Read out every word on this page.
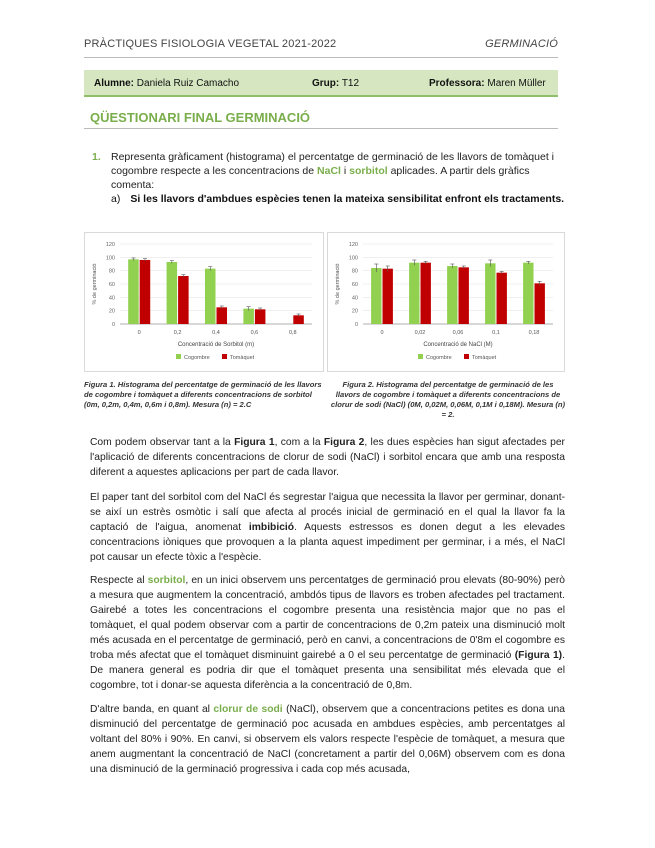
PRÀCTIQUES FISIOLOGIA VEGETAL 2021-2022	GERMINACIÓ
Alumne: Daniela Ruiz Camacho	Grup: T12	Professora: Maren Müller
QÜESTIONARI FINAL GERMINACIÓ
1. Representa gràficament (histograma) el percentatge de germinació de les llavors de tomàquet i cogombre respecte a les concentracions de NaCl i sorbitol aplicades. A partir dels gràfics comenta:
a) Si les llavors d'ambdues espècies tenen la mateixa sensibilitat enfront els tractaments.
0
20
40
60
80
100
120
0	0,2	0,4	0,6	0,8
% de germinació
Concentració de Sorbitol (m)
Cogombre	Tomàquet
0
20
40
60
80
100
120
0	0,02	0,06	0,1	0,18
% de germinació
Concentració de NaCl (M)
Cogombre	Tomàquet
Figura 1. Histograma del percentatge de germinació de les llavors de cogombre i tomàquet a diferents concentracions de sorbitol (0m, 0,2m, 0,4m, 0,6m i 0,8m). Mesura (n) = 2.C
Figura 2. Histograma del percentatge de germinació de les llavors de cogombre i tomàquet a diferents concentracions de clorur de sodi (NaCl) (0M, 0,02M, 0,06M, 0,1M i 0,18M). Mesura (n) = 2.
Com podem observar tant a la Figura 1, com a la Figura 2, les dues espècies han sigut afectades per l'aplicació de diferents concentracions de clorur de sodi (NaCl) i sorbitol encara que amb una resposta diferent a aquestes aplicacions per part de cada llavor.
El paper tant del sorbitol com del NaCl és segrestar l'aigua que necessita la llavor per germinar, donant-se així un estrès osmòtic i salí que afecta al procés inicial de germinació en el qual la llavor fa la captació de l'aigua, anomenat imbibició. Aquests estressos es donen degut a les elevades concentracions iòniques que provoquen a la planta aquest impediment per germinar, i a més, el NaCl pot causar un efecte tòxic a l'espècie.
Respecte al sorbitol, en un inici observem uns percentatges de germinació prou elevats (80-90%) però a mesura que augmentem la concentració, ambdós tipus de llavors es troben afectades pel tractament. Gairebé a totes les concentracions el cogombre presenta una resistència major que no pas el tomàquet, el qual podem observar com a partir de concentracions de 0,2m pateix una disminució molt més acusada en el percentatge de germinació, però en canvi, a concentracions de 0'8m el cogombre es troba més afectat que el tomàquet disminuint gairebé a 0 el seu percentatge de germinació (Figura 1). De manera general es podria dir que el tomàquet presenta una sensibilitat més elevada que el cogombre, tot i donar-se aquesta diferència a la concentració de 0,8m.
D'altre banda, en quant al clorur de sodi (NaCl), observem que a concentracions petites es dona una disminució del percentatge de germinació poc acusada en ambdues espècies, amb percentatges al voltant del 80% i 90%. En canvi, si observem els valors respecte l'espècie de tomàquet, a mesura que anem augmentant la concentració de NaCl (concretament a partir del 0,06M) observem com es dona una disminució de la germinació progressiva i cada cop més acusada,
